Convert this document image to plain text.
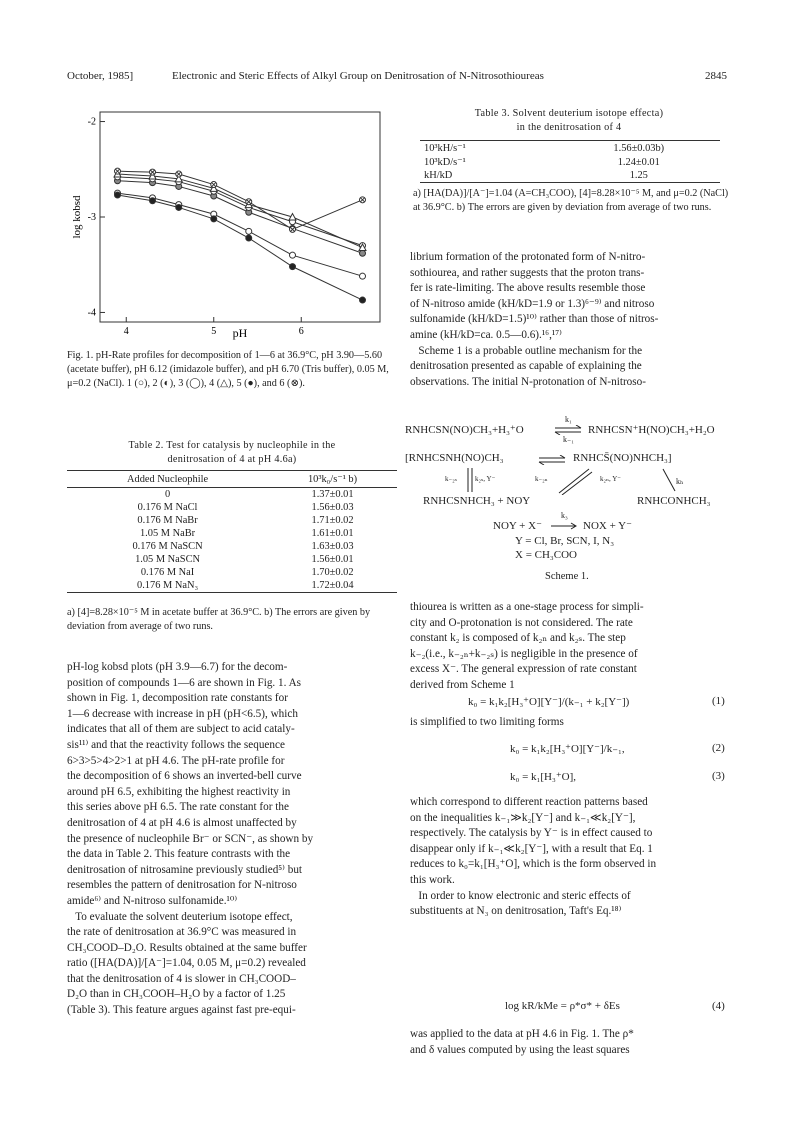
October, 1985]	Electronic and Steric Effects of Alkyl Group on Denitrosation of N-Nitrosothioureas	2845
4	5	6
-2
-3
-4
log kobsd
pH
Fig. 1. pH-Rate profiles for decomposition of 1—6 at 36.9°C, pH 3.90—5.60 (acetate buffer), pH 6.12 (imidazole buffer), and pH 6.70 (Tris buffer), 0.05 M, μ=0.2 (NaCl). 1 (○), 2 (◐), 3 (◯), 4 (△), 5 (●), and 6 (⊗).
Table 2. Test for catalysis by nucleophile in the
denitrosation of 4 at pH 4.6a)
Added Nucleophile	10³k₀/s⁻¹ b)
0	1.37±0.01
0.176 M NaCl	1.56±0.03
0.176 M NaBr	1.71±0.02
1.05 M NaBr	1.61±0.01
0.176 M NaSCN	1.63±0.03
1.05 M NaSCN	1.56±0.01
0.176 M NaI	1.70±0.02
0.176 M NaN₃	1.72±0.04
a) [4]=8.28×10⁻⁵ M in acetate buffer at 36.9°C. b) The errors are given by deviation from average of two runs.
pH-log kobsd plots (pH 3.9—6.7) for the decom-
position of compounds 1—6 are shown in Fig. 1. As
shown in Fig. 1, decomposition rate constants for
1—6 decrease with increase in pH (pH<6.5), which
indicates that all of them are subject to acid cataly-
sis¹¹⁾ and that the reactivity follows the sequence
6>3>5>4>2>1 at pH 4.6. The pH-rate profile for
the decomposition of 6 shows an inverted-bell curve
around pH 6.5, exhibiting the highest reactivity in
this series above pH 6.5. The rate constant for the
denitrosation of 4 at pH 4.6 is almost unaffected by
the presence of nucleophile Br⁻ or SCN⁻, as shown by
the data in Table 2. This feature contrasts with the
denitrosation of nitrosamine previously studied⁵⁾ but
resembles the pattern of denitrosation for N-nitroso
amide⁶⁾ and N-nitroso sulfonamide.¹⁰⁾
To evaluate the solvent deuterium isotope effect,
the rate of denitrosation at 36.9°C was measured in
CH₃COOD–D₂O. Results obtained at the same buffer
ratio ([HA(DA)]/[A⁻]=1.04, 0.05 M, μ=0.2) revealed
that the denitrosation of 4 is slower in CH₃COOD–
D₂O than in CH₃COOH–H₂O by a factor of 1.25
(Table 3). This feature argues against fast pre-equi-
Table 3. Solvent deuterium isotope effecta)
in the denitrosation of 4
10³kH/s⁻¹	1.56±0.03b)
10³kD/s⁻¹	1.24±0.01
kH/kD	1.25
a) [HA(DA)]/[A⁻]=1.04 (A=CH₃COO), [4]=8.28×10⁻⁵ M, and μ=0.2 (NaCl) at 36.9°C. b) The errors are given by deviation from average of two runs.
librium formation of the protonated form of N-nitro-
sothiourea, and rather suggests that the proton trans-
fer is rate-limiting. The above results resemble those
of N-nitroso amide (kH/kD=1.9 or 1.3)⁶⁻⁹⁾ and nitroso
sulfonamide (kH/kD=1.5)¹⁰⁾ rather than those of nitros-
amine (kH/kD=ca. 0.5—0.6).¹⁶,¹⁷⁾
Scheme 1 is a probable outline mechanism for the
denitrosation presented as capable of explaining the
observations. The initial N-protonation of N-nitroso-
RNHCSN(NO)CH₃+H₃⁺O
k₁
k₋₁
RNHCSN⁺H(NO)CH₃+H₂O
[RNHCSNH(NO)CH₃	RNHCS̄(NO)NHCH₃]
k₋₂ₛ	k₂ₛ, Y⁻	k₋₂ₙ	k₂ₙ, Y⁻	kₕ
RNHCSNHCH₃ + NOY	RNHCONHCH₃
NOY + X⁻
k₃
NOX + Y⁻
Y = Cl, Br, SCN, I, N₃
X = CH₃COO
Scheme 1.
thiourea is written as a one-stage process for simpli-
city and O-protonation is not considered. The rate
constant k₂ is composed of k₂ₙ and k₂ₛ. The step
k₋₂(i.e., k₋₂ₙ+k₋₂ₛ) is negligible in the presence of
excess X⁻. The general expression of rate constant
derived from Scheme 1
k₀ = k₁k₂[H₃⁺O][Y⁻]/(k₋₁ + k₂[Y⁻])	(1)
is simplified to two limiting forms
k₀ = k₁k₂[H₃⁺O][Y⁻]/k₋₁,	(2)
k₀ = k₁[H₃⁺O],	(3)
which correspond to different reaction patterns based
on the inequalities k₋₁≫k₂[Y⁻] and k₋₁≪k₂[Y⁻],
respectively. The catalysis by Y⁻ is in effect caused to
disappear only if k₋₁≪k₂[Y⁻], with a result that Eq. 1
reduces to k₀=k₁[H₃⁺O], which is the form observed in
this work.
In order to know electronic and steric effects of
substituents at N₃ on denitrosation, Taft's Eq.¹⁸⁾
log kR/kMe = ρ*σ* + δEs	(4)
was applied to the data at pH 4.6 in Fig. 1. The ρ*
and δ values computed by using the least squares
